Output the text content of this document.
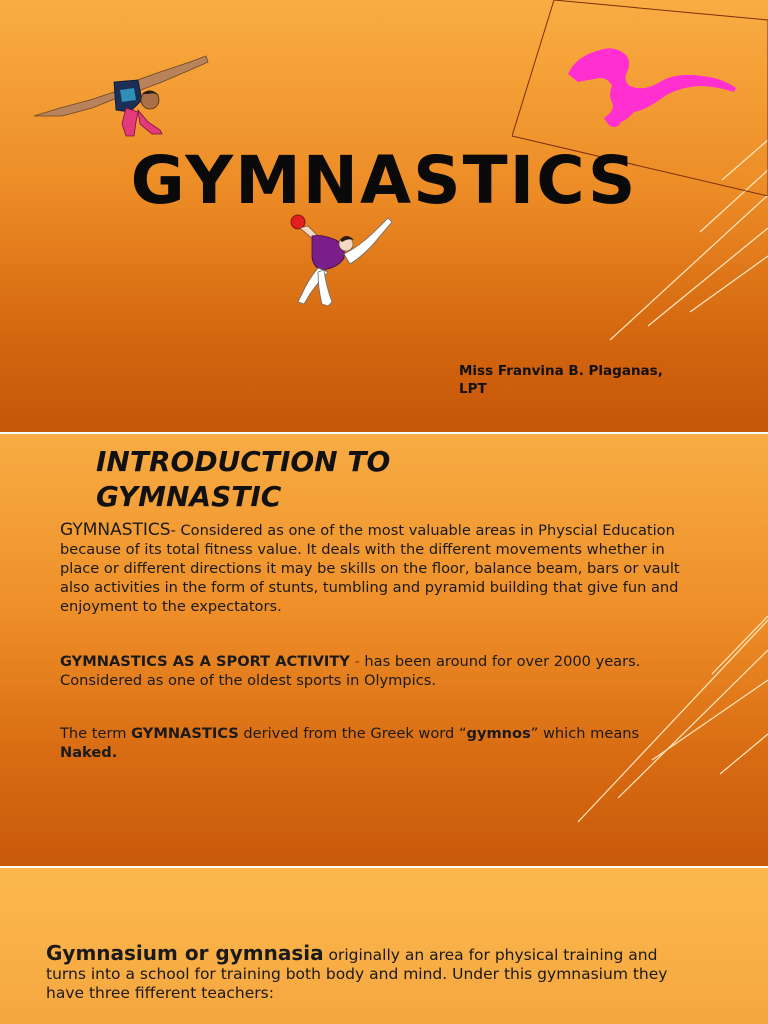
GYMNASTICS
Miss Franvina B. Plaganas,
LPT
INTRODUCTION TO
GYMNASTIC

GYMNASTICS- Considered as one of the most valuable areas in Physcial Education because of its total fitness value. It deals with the different movements whether in place or different directions it may be skills on the floor, balance beam, bars or vault also activities in the form of stunts, tumbling and pyramid building that give fun and enjoyment to the expectators.

GYMNASTICS AS A SPORT ACTIVITY - has been around for over 2000 years. Considered as one of the oldest sports in Olympics.

The term GYMNASTICS derived from the Greek word “gymnos” which means Naked.

Gymnasium or gymnasia originally an area for physical training and turns into a school for training both body and mind. Under this gymnasium they have three fifferent teachers:
